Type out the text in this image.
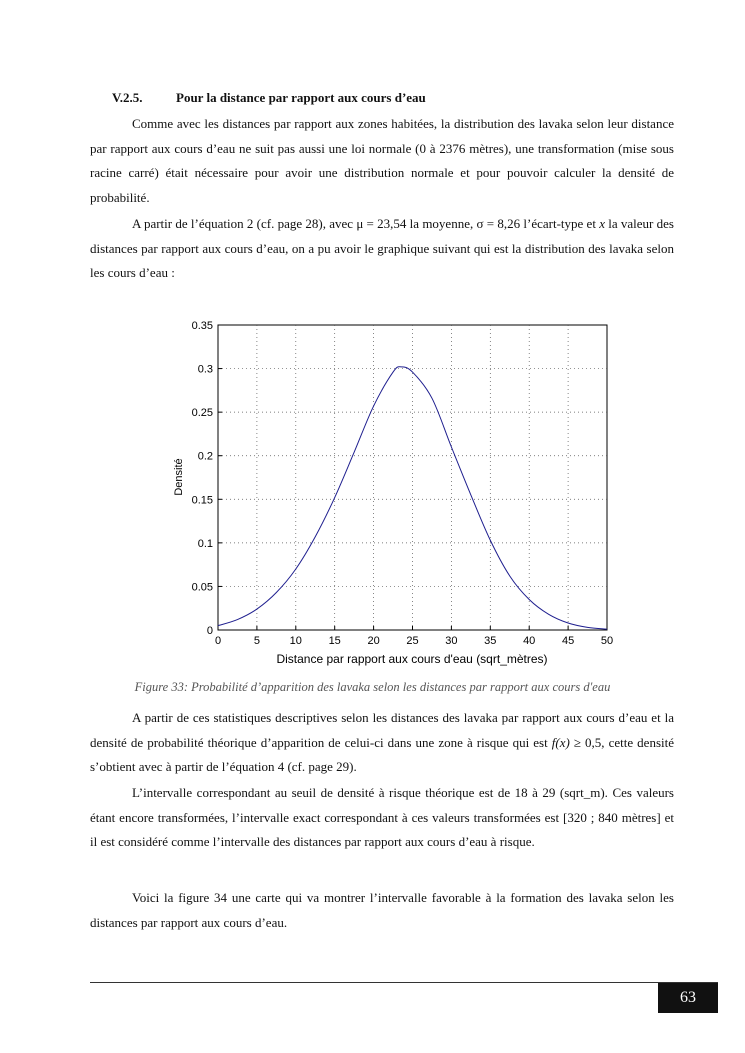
V.2.5.	Pour la distance par rapport aux cours d’eau

Comme avec les distances par rapport aux zones habitées, la distribution des lavaka selon leur distance par rapport aux cours d’eau ne suit pas aussi une loi normale (0 à 2376 mètres), une transformation (mise sous racine carré) était nécessaire pour avoir une distribution normale et pour pouvoir calculer la densité de probabilité.

A partir de l’équation 2 (cf. page 28), avec μ = 23,54 la moyenne, σ = 8,26 l’écart-type et x la valeur des distances par rapport aux cours d’eau, on a pu avoir le graphique suivant qui est la distribution des lavaka selon les cours d’eau :

0	5	10 15 20 25 30 35 40 45 50
0
0.05
0.1
0.15
0.2
0.25
0.3
0.35
Distance par rapport aux cours d'eau (sqrt_mètres)
Densité

Figure 33: Probabilité d’apparition des lavaka selon les distances par rapport aux cours d'eau

A partir de ces statistiques descriptives selon les distances des lavaka par rapport aux cours d’eau et la densité de probabilité théorique d’apparition de celui-ci dans une zone à risque qui est f(x) ≥ 0,5, cette densité s’obtient avec à partir de l’équation 4 (cf. page 29).

L’intervalle correspondant au seuil de densité à risque théorique est de 18 à 29 (sqrt_m). Ces valeurs étant encore transformées, l’intervalle exact correspondant à ces valeurs transformées est [320 ; 840 mètres] et il est considéré comme l’intervalle des distances par rapport aux cours d’eau à risque.

Voici la figure 34 une carte qui va montrer l’intervalle favorable à la formation des lavaka selon les distances par rapport aux cours d’eau.

63
